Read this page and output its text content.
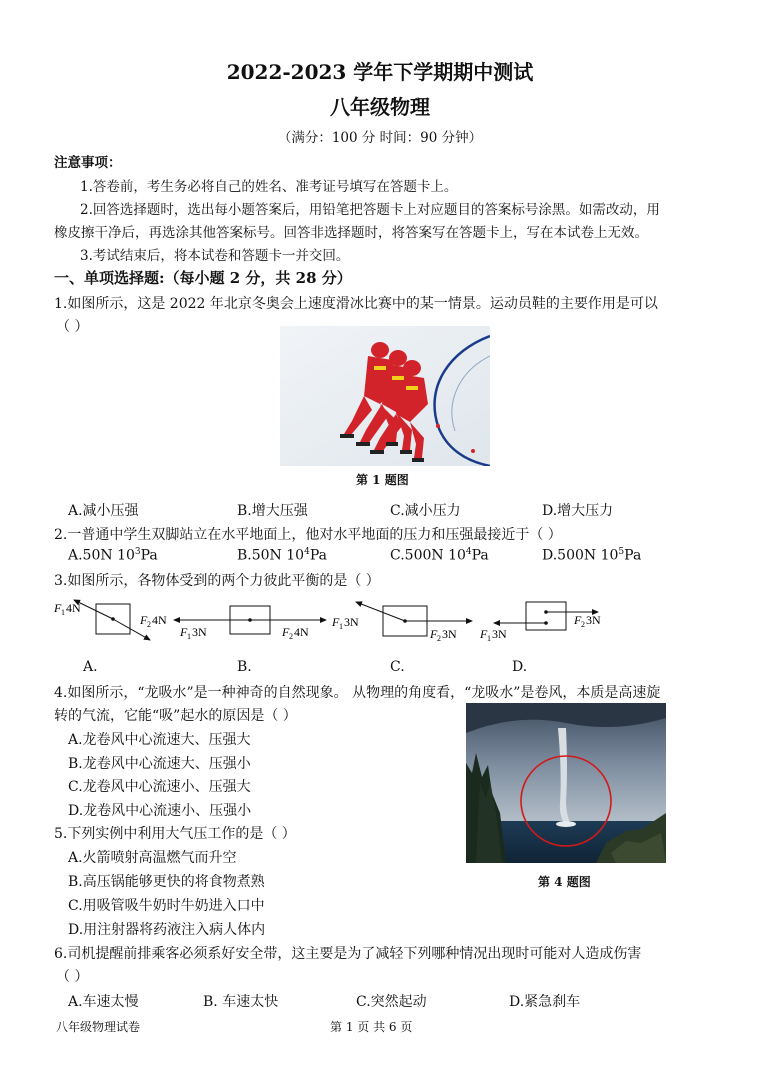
2022-2023 学年下学期期中测试
八年级物理
（满分：100 分 时间：90 分钟）
注意事项：
1.答卷前，考生务必将自己的姓名、准考证号填写在答题卡上。
2.回答选择题时，选出每小题答案后，用铅笔把答题卡上对应题目的答案标号涂黑。如需改动，用
橡皮擦干净后，再选涂其他答案标号。回答非选择题时，将答案写在答题卡上，写在本试卷上无效。
3.考试结束后，将本试卷和答题卡一并交回。
一、单项选择题:（每小题 2 分，共 28 分）
1.如图所示，这是 2022 年北京冬奥会上速度滑冰比赛中的某一情景。运动员鞋的主要作用是可以
（ ）
第 1 题图
A.减小压强	B.增大压强	C.减小压力	D.增大压力
2.一普通中学生双脚站立在水平地面上，他对水平地面的压力和压强最接近于（ ）
A.50N $10^3Pa$	B.50N $10^4Pa$	C.500N $10^4Pa$	D.500N $10^5Pa$
3.如图所示，各物体受到的两个力彼此平衡的是（ ）
F 1 4N
F 2 4N
F 1 3N	F 2 4N
F 1 3N
F 2 3N
F 2 3N
F 1 3N
A.	B.	C.	D.
4.如图所示，“龙吸水”是一种神奇的自然现象。 从物理的角度看，“龙吸水”是卷风，本质是高速旋
转的气流，它能“吸”起水的原因是（ ）
A.龙卷风中心流速大、压强大
B.龙卷风中心流速大、压强小
C.龙卷风中心流速小、压强大
D.龙卷风中心流速小、压强小
第 4 题图
5.下列实例中利用大气压工作的是（ ）
A.火箭喷射高温燃气而升空
B.高压锅能够更快的将食物煮熟
C.用吸管吸牛奶时牛奶进入口中
D.用注射器将药液注入病人体内
6.司机提醒前排乘客必须系好安全带，这主要是为了减轻下列哪种情况出现时可能对人造成伤害
（ ）
A.车速太慢	B. 车速太快	C.突然起动	D.紧急刹车
八年级物理试卷	第 1 页 共 6 页
